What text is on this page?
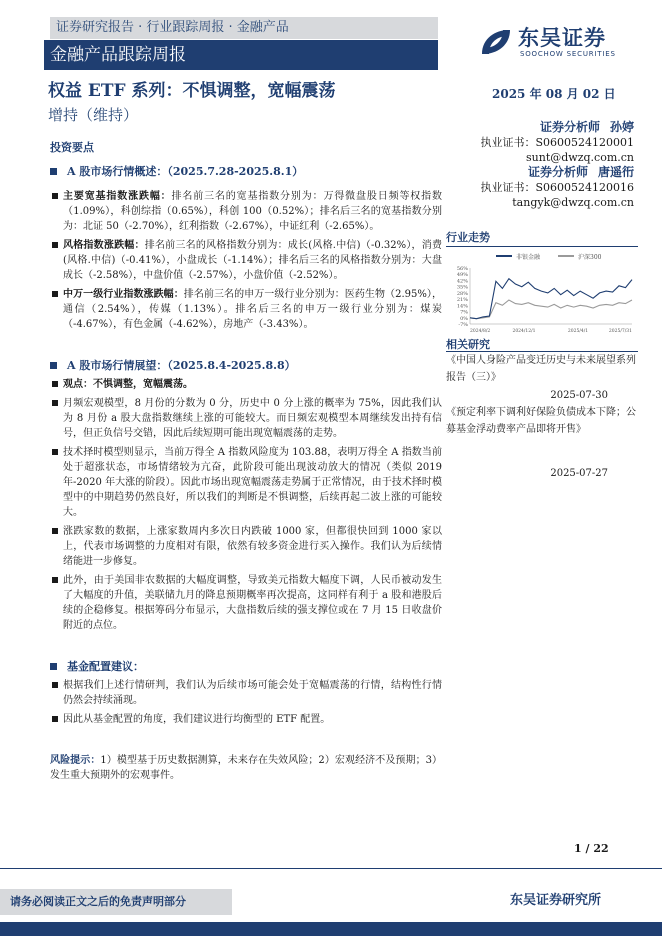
证券研究报告 · 行业跟踪周报 · 金融产品
金融产品跟踪周报
东吴证券
SOOCHOW SECURITIES
权益 ETF 系列：不惧调整，宽幅震荡	2025 年 08 月 02 日
增持（维持）
证券分析师 孙婷
执业证书：S0600524120001
sunt@dwzq.com.cn
证券分析师 唐遥衎
执业证书：S0600524120016
tangyk@dwzq.com.cn
行业走势
非银金融	沪深300
56%
49%
42%
35%
28%
21%
14%
7%
0%
-7%
2024/8/2	2024/12/1	2025/4/1	2025/7/31
相关研究
《中国人身险产品变迁历史与未来展望系列报告（三）》
2025-07-30
《预定利率下调利好保险负债成本下降；公募基金浮动费率产品即将开售》
2025-07-27
投资要点
A 股市场行情概述：（2025.7.28-2025.8.1）
主要宽基指数涨跌幅：排名前三名的宽基指数分别为：万得微盘股日频等权指数（1.09%），科创综指（0.65%），科创 100（0.52%）；排名后三名的宽基指数分别为：北证 50（-2.70%），红利指数（-2.67%），中证红利（-2.65%）。
风格指数涨跌幅：排名前三名的风格指数分别为：成长(风格.中信)（-0.32%），消费(风格.中信)（-0.41%），小盘成长（-1.14%）；排名后三名的风格指数分别为：大盘成长（-2.58%），中盘价值（-2.57%），小盘价值（-2.52%）。
中万一级行业指数涨跌幅：排名前三名的申万一级行业分别为：医药生物（2.95%），通信（2.54%），传媒（1.13%）。排名后三名的申万一级行业分别为：煤炭（-4.67%），有色金属（-4.62%），房地产（-3.43%）。
A 股市场行情展望：（2025.8.4-2025.8.8）
观点：不惧调整，宽幅震荡。
月频宏观模型，8 月份的分数为 0 分，历史中 0 分上涨的概率为 75%，因此我们认为 8 月份 a 股大盘指数继续上涨的可能较大。而日频宏观模型本周继续发出持有信号，但正负信号交错，因此后续短期可能出现宽幅震荡的走势。
技术择时模型则显示，当前万得全 A 指数风险度为 103.88，表明万得全 A 指数当前处于超涨状态，市场情绪较为亢奋，此阶段可能出现波动放大的情况（类似 2019 年-2020 年大涨的阶段）。因此市场出现宽幅震荡走势属于正常情况，由于技术择时模型中的中期趋势仍然良好，所以我们的判断是不惧调整，后续再起二波上涨的可能较大。
涨跌家数的数据，上涨家数周内多次日内跌破 1000 家，但都很快回到 1000 家以上，代表市场调整的力度相对有限，依然有较多资金进行买入操作。我们认为后续情绪能进一步修复。
此外，由于美国非农数据的大幅度调整，导致美元指数大幅度下调，人民币被动发生了大幅度的升值，美联储九月的降息预期概率再次提高，这同样有利于 a 股和港股后续的企稳修复。根据筹码分布显示，大盘指数后续的强支撑位或在 7 月 15 日收盘价附近的点位。
基金配置建议：
根据我们上述行情研判，我们认为后续市场可能会处于宽幅震荡的行情，结构性行情仍然会持续涌现。
因此从基金配置的角度，我们建议进行均衡型的 ETF 配置。
风险提示：1）模型基于历史数据测算，未来存在失效风险；2）宏观经济不及预期；3）发生重大预期外的宏观事件。
1 / 22
请务必阅读正文之后的免责声明部分	东吴证券研究所
